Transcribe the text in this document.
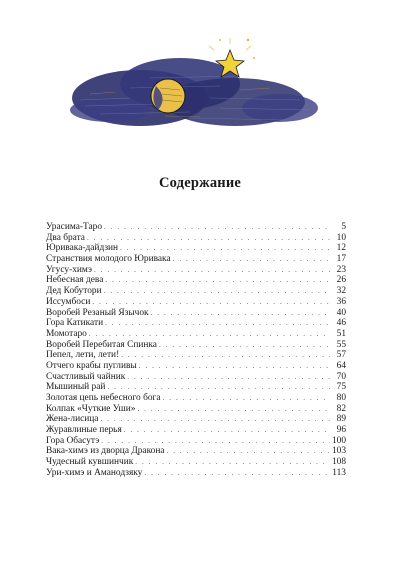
Содержание
Урасима-Таро . . .	5
Два брата . . .	10
Юривака-дайдзин . . .	12
Странствия молодого Юривака . . .	17
Угусу-химэ . . .	23
Небесная дева . . .	26
Дед Кобутори . . .	32
Иссумбоси . . .	36
Воробей Резаный Язычок . . .	40
Гора Катикати . . .	46
Момотаро . . .	51
Воробей Перебитая Спинка . . .	55
Пепел, лети, лети! . . .	57
Отчего крабы пугливы . . .	64
Счастливый чайник . . .	70
Мышиный рай . . .	75
Золотая цепь небесного бога . . .	80
Колпак «Чуткие Уши» . . .	82
Жена-лисица . . .	89
Журавлиные перья . . .	96
Гора Обасутэ . . .	100
Вака-химэ из дворца Дракона . . .	103
Чудесный кувшинчик . . .	108
Ури-химэ и Аманодзяку . . .	113
